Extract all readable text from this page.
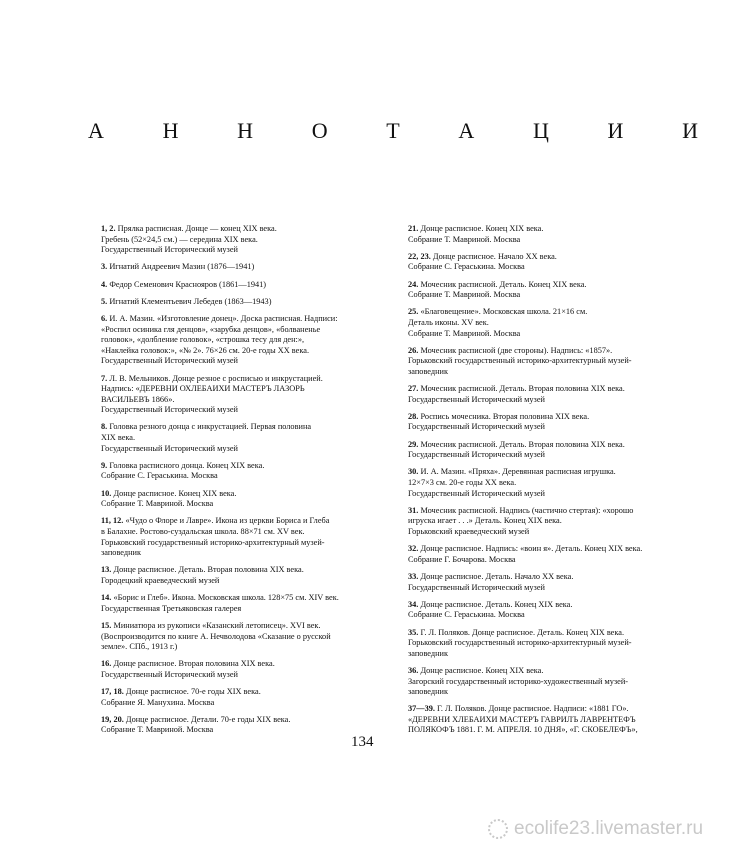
А	Н	Н	О	Т	А	Ц	И	И
1, 2. Прялка расписная. Донце — конец XIX века.
Гребень (52×24,5 см.) — середина XIX века.
Государственный Исторический музей
3. Игнатий Андреевич Мазин (1876—1941)
4. Федор Семенович Краснояров (1861—1941)
5. Игнатий Клементьевич Лебедев (1863—1943)
6. И. А. Мазин. «Изготовление донец». Доска расписная. Надписи:
«Роспил осиника гля денцов», «зарубка денцов», «болваненье
головок», «долбление головок», «строшка тесу для ден:»,
«Наклейка головок:», «№ 2». 76×26 см. 20-е годы XX века.
Государственный Исторический музей
7. Л. В. Мельников. Донце резное с росписью и инкрустацией.
Надпись: «ДЕРЕВНИ ОХЛЕБАИХИ МАСТЕРЪ ЛАЗОРЬ
ВАСИЛЬЕВЪ 1866».
Государственный Исторический музей
8. Головка резного донца с инкрустацией. Первая половина
XIX века.
Государственный Исторический музей
9. Головка расписного донца. Конец XIX века.
Собрание С. Гераськина. Москва
10. Донце расписное. Конец XIX века.
Собрание Т. Мавриной. Москва
11, 12. «Чудо о Флоре и Лавре». Икона из церкви Бориса и Глеба
в Балахне. Ростово-суздальская школа. 88×71 см. XV век.
Горьковский государственный историко-архитектурный музей-
заповедник
13. Донце расписное. Деталь. Вторая половина XIX века.
Городецкий краеведческий музей
14. «Борис и Глеб». Икона. Московская школа. 128×75 см. XIV век.
Государственная Третьяковская галерея
15. Миниатюра из рукописи «Казанский летописец». XVI век.
(Воспроизводится по книге А. Нечволодова «Сказание о русской
земле». СПб., 1913 г.)
16. Донце расписное. Вторая половина XIX века.
Государственный Исторический музей
17, 18. Донце расписное. 70-е годы XIX века.
Собрание Я. Манухина. Москва
19, 20. Донце расписное. Детали. 70-е годы XIX века.
Собрание Т. Мавриной. Москва
21. Донце расписное. Конец XIX века.
Собрание Т. Мавриной. Москва
22, 23. Донце расписное. Начало XX века.
Собрание С. Гераськина. Москва
24. Мочесник расписной. Деталь. Конец XIX века.
Собрание Т. Мавриной. Москва
25. «Благовещение». Московская школа. 21×16 см.
Деталь иконы. XV век.
Собрание Т. Мавриной. Москва
26. Мочесник расписной (две стороны). Надпись: «1857».
Горьковский государственный историко-архитектурный музей-
заповедник
27. Мочесник расписной. Деталь. Вторая половина XIX века.
Государственный Исторический музей
28. Роспись мочесника. Вторая половина XIX века.
Государственный Исторический музей
29. Мочесник расписной. Деталь. Вторая половина XIX века.
Государственный Исторический музей
30. И. А. Мазин. «Пряха». Деревянная расписная игрушка.
12×7×3 см. 20-е годы XX века.
Государственный Исторический музей
31. Мочесник расписной. Надпись (частично стертая): «хорошо
игруска игает . . .» Деталь. Конец XIX века.
Горьковский краеведческий музей
32. Донце расписное. Надпись: «воин я». Деталь. Конец XIX века.
Собрание Г. Бочарова. Москва
33. Донце расписное. Деталь. Начало XX века.
Государственный Исторический музей
34. Донце расписное. Деталь. Конец XIX века.
Собрание С. Гераськина. Москва
35. Г. Л. Поляков. Донце расписное. Деталь. Конец XIX века.
Горьковский государственный историко-архитектурный музей-
заповедник
36. Донце расписное. Конец XIX века.
Загорский государственный историко-художественный музей-
заповедник
37—39. Г. Л. Поляков. Донце расписное. Надписи: «1881 ГО».
«ДЕРЕВНИ ХЛЕБАИХИ МАСТЕРЪ ГАВРИЛЪ ЛАВРЕНТЕФЪ
ПОЛЯКОФЪ 1881. Г. М. АПРЕЛЯ. 10 ДНЯ», «Г. СКОБЕЛЕФЪ»,
134
ecolife23.livemaster.ru
